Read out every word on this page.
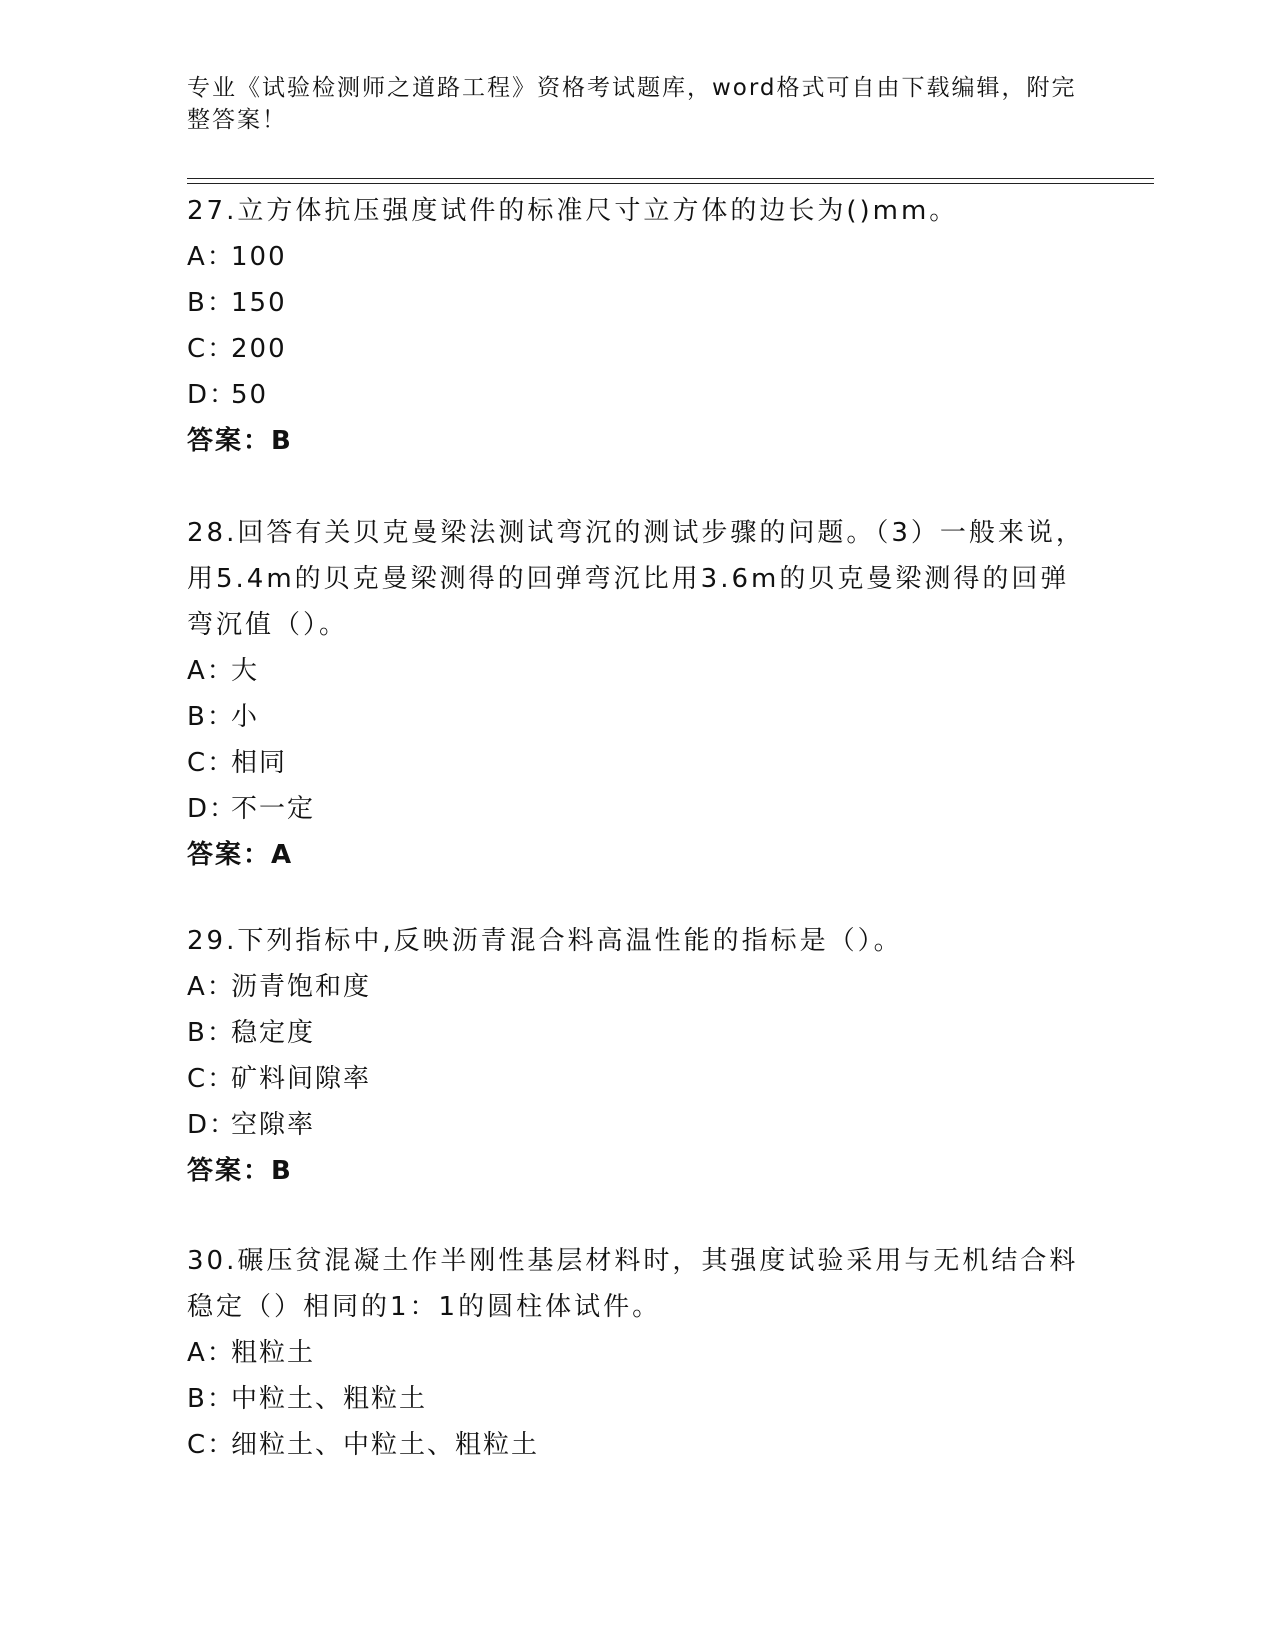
专业《试验检测师之道路工程》资格考试题库，word格式可自由下载编辑，附完整答案！

27.立方体抗压强度试件的标准尺寸立方体的边长为()mm。

A：100

B：150

C：200

D：50

答案：B

28.回答有关贝克曼梁法测试弯沉的测试步骤的问题。（3）一般来说，用5.4m的贝克曼梁测得的回弹弯沉比用3.6m的贝克曼梁测得的回弹弯沉值（）。

A：大

B：小

C：相同

D：不一定

答案：A

29.下列指标中,反映沥青混合料高温性能的指标是（）。

A：沥青饱和度

B：稳定度

C：矿料间隙率

D：空隙率

答案：B

30.碾压贫混凝土作半刚性基层材料时，其强度试验采用与无机结合料稳定（）相同的1：1的圆柱体试件。

A：粗粒土

B：中粒土、粗粒土

C：细粒土、中粒土、粗粒土
